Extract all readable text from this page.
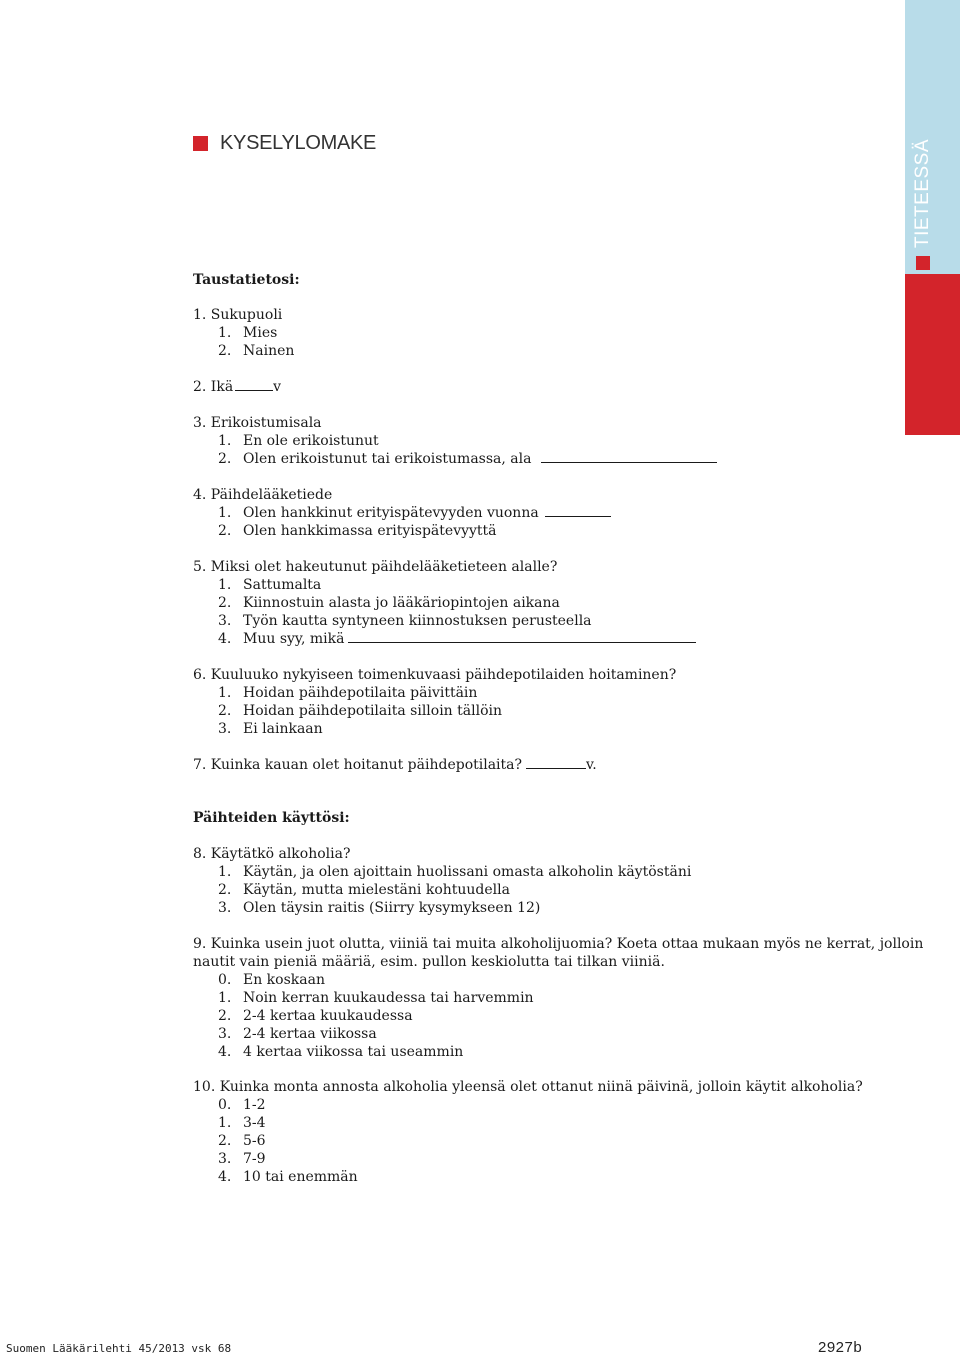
TIETEESSÄ
KYSELYLOMAKE
Taustatietosi:
1. Sukupuoli
1. Mies
2. Nainen
2. Ikä	v
3. Erikoistumisala
1. En ole erikoistunut
2. Olen erikoistunut tai erikoistumassa, ala
4. Päihdelääketiede
1. Olen hankkinut erityispätevyyden vuonna
2. Olen hankkimassa erityispätevyyttä
5. Miksi olet hakeutunut päihdelääketieteen alalle?
1. Sattumalta
2. Kiinnostuin alasta jo lääkäriopintojen aikana
3. Työn kautta syntyneen kiinnostuksen perusteella
4. Muu syy, mikä
6. Kuuluuko nykyiseen toimenkuvaasi päihdepotilaiden hoitaminen?
1. Hoidan päihdepotilaita päivittäin
2. Hoidan päihdepotilaita silloin tällöin
3. Ei lainkaan
7. Kuinka kauan olet hoitanut päihdepotilaita?	v.
Päihteiden käyttösi:
8. Käytätkö alkoholia?
1. Käytän, ja olen ajoittain huolissani omasta alkoholin käytöstäni
2. Käytän, mutta mielestäni kohtuudella
3. Olen täysin raitis (Siirry kysymykseen 12)
9. Kuinka usein juot olutta, viiniä tai muita alkoholijuomia? Koeta ottaa mukaan myös ne kerrat, jolloin
nautit vain pieniä määriä, esim. pullon keskiolutta tai tilkan viiniä.
0. En koskaan
1. Noin kerran kuukaudessa tai harvemmin
2. 2-4 kertaa kuukaudessa
3. 2-4 kertaa viikossa
4. 4 kertaa viikossa tai useammin
10. Kuinka monta annosta alkoholia yleensä olet ottanut niinä päivinä, jolloin käytit alkoholia?
0. 1-2
1. 3-4
2. 5-6
3. 7-9
4. 10 tai enemmän
Suomen Lääkärilehti 45/2013 vsk 68	2927b
